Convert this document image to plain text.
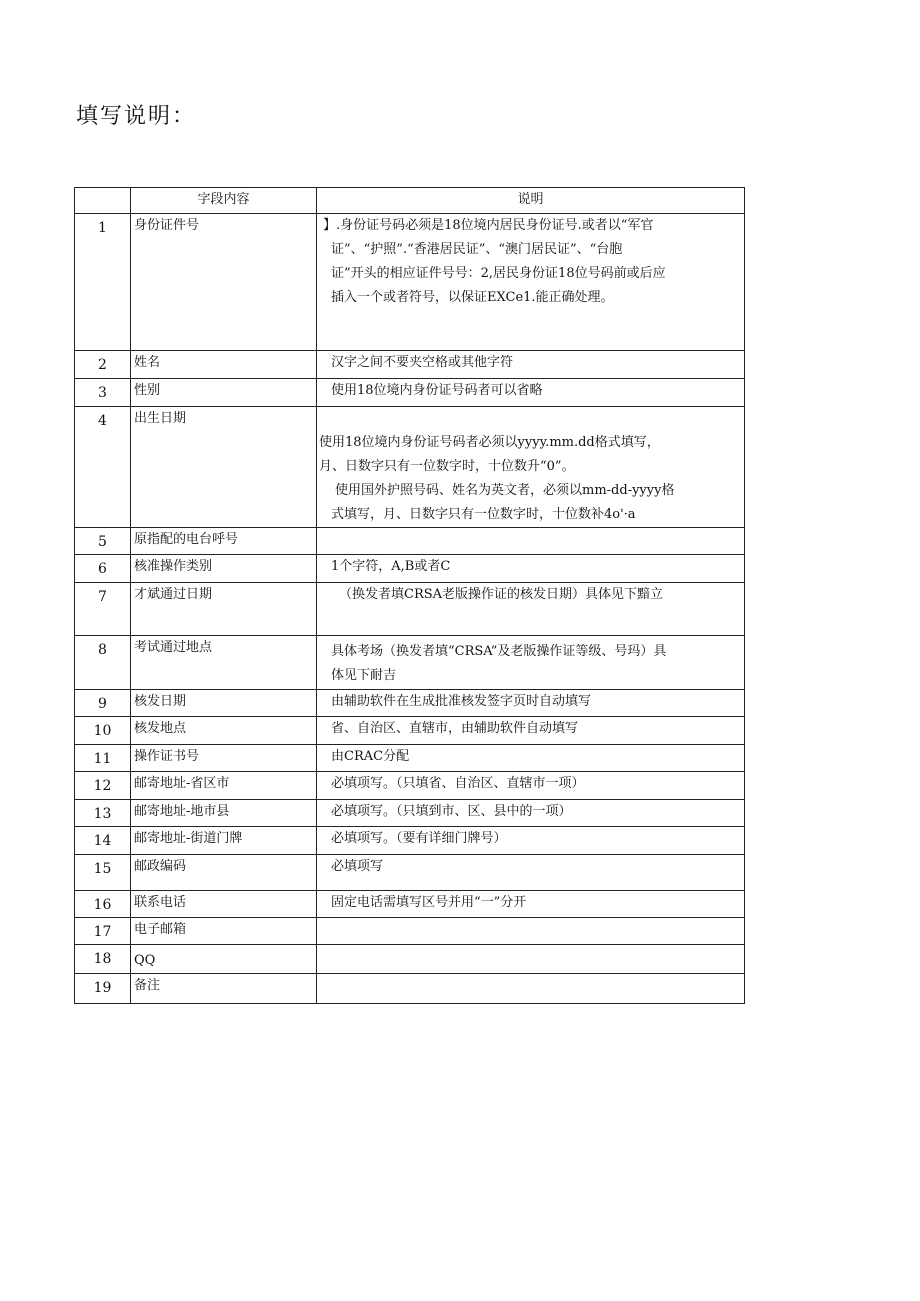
填写说明：
	字段内容	说明
1	身份证件号	】.身份证号码必须是18位境内居民身份证号.或者以“军官
证”、“护照”.“香港居民证”、“澳门居民证”、“台胞
证”开头的相应证件号号：2,居民身份证18位号码前或后应
插入一个或者符号，以保证EXCe1.能正确处理。

2	姓名	汉字之间不要夹空格或其他字符

3	性别	使用18位境内身份证号码者可以省略

4	出生日期	使用18位境内身份证号码者必须以yyyy.mm.dd格式填写，
月、日数字只有一位数字时，十位数升“0”。
使用国外护照号码、姓名为英文者，必须以mm-dd-yyyy格
式填写，月、日数字只有一位数字时，十位数补4o'·a

5	原指配的电台呼号	
6	核准操作类别	1个字符，A,B或者C

7	才斌通过日期	（换发者填CRSA老版操作证的核发日期）具体见下黯立

8	考试通过地点	具体考场（换发者填“CRSA”及老版操作证等级、号玛）具
体见下耐吉

9	核发日期	由辅助软件在生成批准核发签字页时自动填写

10	核发地点	省、自治区、直辖市，由辅助软件自动填写

11	操作证书号	由CRAC分配

12	邮寄地址-省区市	必填项写。（只填省、自治区、直辖市一项）

13	邮寄地址-地市县	必填项写。（只填到市、区、县中的一项）

14	邮寄地址-街道门牌	必填项写。（要有详细门牌号）

15	邮政编码	必填项写

16	联系电话	固定电话需填写区号并用“一”分开

17	电子邮箱	
18	QQ	
19	备注	
